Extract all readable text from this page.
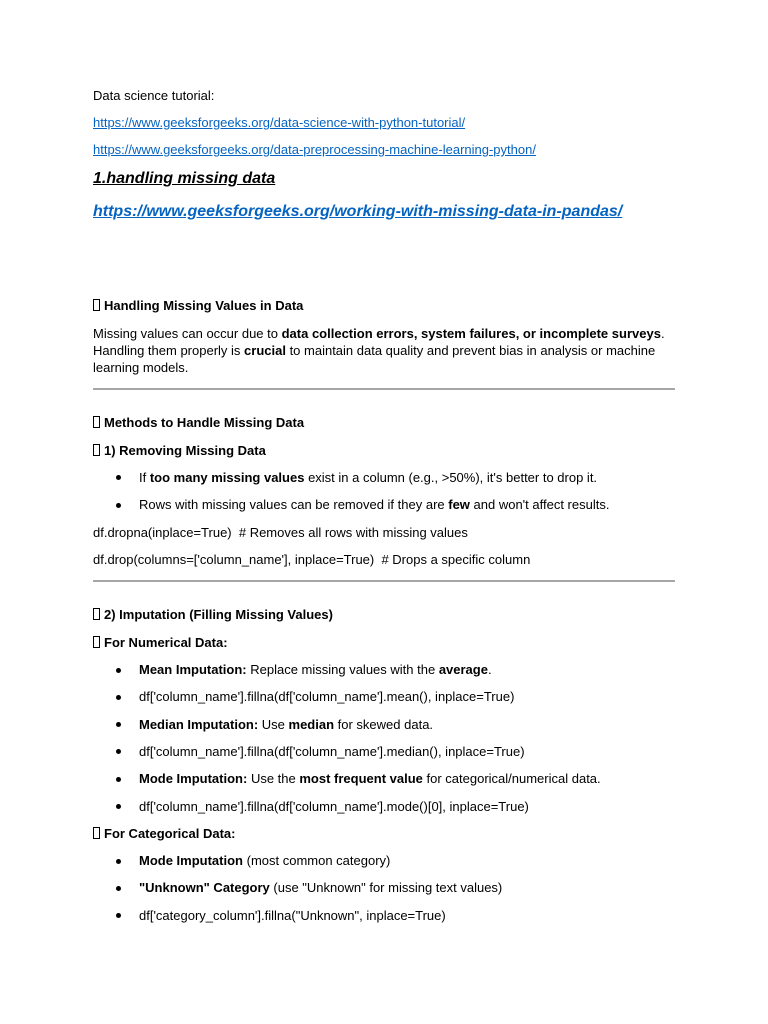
Data science tutorial:

https://www.geeksforgeeks.org/data-science-with-python-tutorial/

https://www.geeksforgeeks.org/data-preprocessing-machine-learning-python/

1.handling missing data

https://www.geeksforgeeks.org/working-with-missing-data-in-pandas/

Handling Missing Values in Data

Missing values can occur due to data collection errors, system failures, or incomplete surveys. Handling them properly is crucial to maintain data quality and prevent bias in analysis or machine learning models.

Methods to Handle Missing Data

1) Removing Missing Data

If too many missing values exist in a column (e.g., >50%), it's better to drop it.
Rows with missing values can be removed if they are few and won't affect results.

df.dropna(inplace=True)  # Removes all rows with missing values

df.drop(columns=['column_name'], inplace=True)  # Drops a specific column

2) Imputation (Filling Missing Values)

For Numerical Data:

Mean Imputation: Replace missing values with the average.
df['column_name'].fillna(df['column_name'].mean(), inplace=True)
Median Imputation: Use median for skewed data.
df['column_name'].fillna(df['column_name'].median(), inplace=True)
Mode Imputation: Use the most frequent value for categorical/numerical data.
df['column_name'].fillna(df['column_name'].mode()[0], inplace=True)

For Categorical Data:

Mode Imputation (most common category)
"Unknown" Category (use "Unknown" for missing text values)
df['category_column'].fillna("Unknown", inplace=True)
